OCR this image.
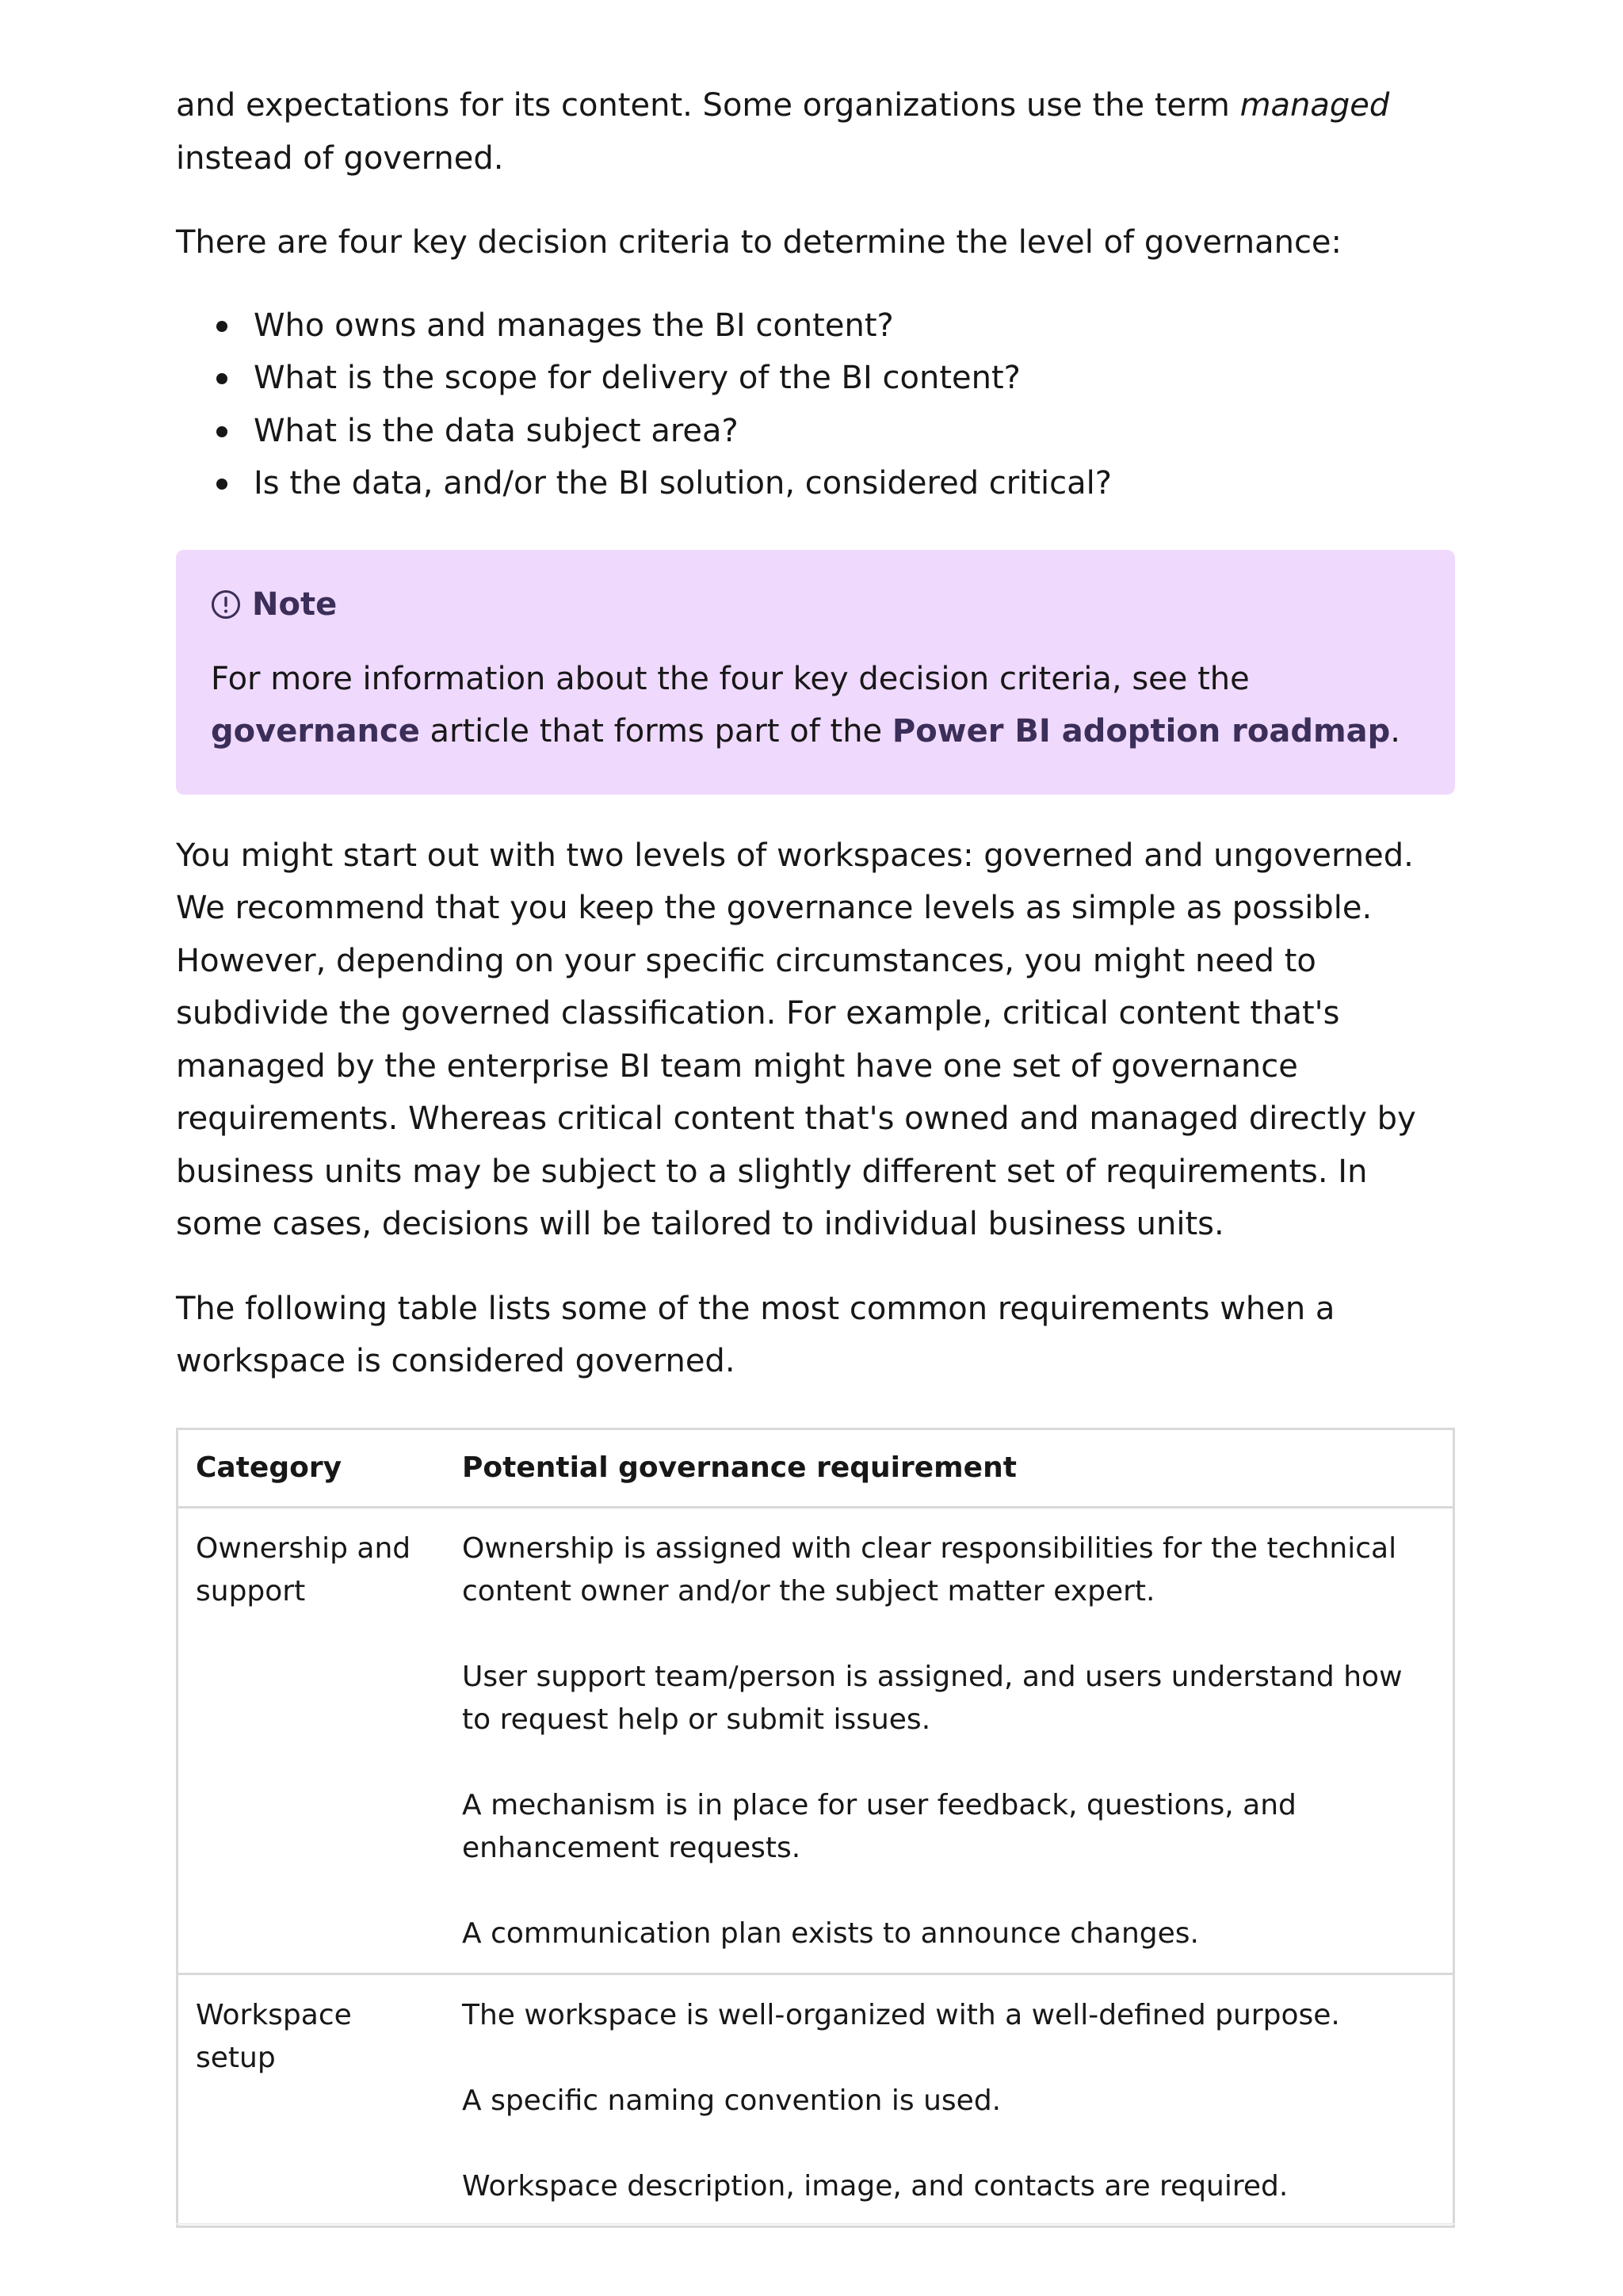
and expectations for its content. Some organizations use the term managed instead of governed.

There are four key decision criteria to determine the level of governance:

Who owns and manages the BI content?
What is the scope for delivery of the BI content?
What is the data subject area?
Is the data, and/or the BI solution, considered critical?
Note
For more information about the four key decision criteria, see the governance article that forms part of the Power BI adoption roadmap.

You might start out with two levels of workspaces: governed and ungoverned. We recommend that you keep the governance levels as simple as possible. However, depending on your specific circumstances, you might need to subdivide the governed classification. For example, critical content that's managed by the enterprise BI team might have one set of governance requirements. Whereas critical content that's owned and managed directly by business units may be subject to a slightly different set of requirements. In some cases, decisions will be tailored to individual business units.

The following table lists some of the most common requirements when a workspace is considered governed.

Category	Potential governance requirement
Ownership and support	Ownership is assigned with clear responsibilities for the technical content owner and/or the subject matter expert.
User support team/person is assigned, and users understand how to request help or submit issues.
A mechanism is in place for user feedback, questions, and enhancement requests.
A communication plan exists to announce changes.

Workspace setup	The workspace is well-organized with a well-defined purpose.
A specific naming convention is used.
Workspace description, image, and contacts are required.
